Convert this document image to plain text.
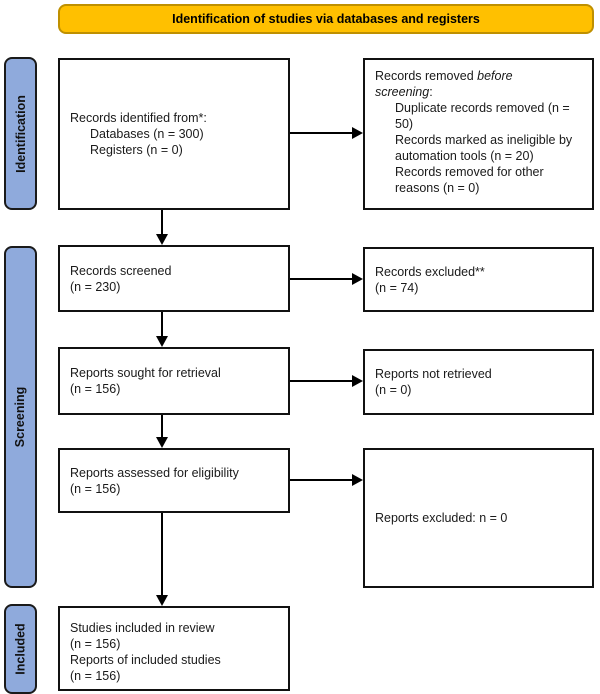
Identification of studies via databases and registers
Identification
Screening
Included
Records identified from*:
Databases (n = 300)
Registers (n = 0)
Records removed before screening:
Duplicate records removed (n = 50)
Records marked as ineligible by automation tools (n = 20)
Records removed for other reasons (n = 0)
Records screened
(n = 230)
Records excluded**
(n = 74)
Reports sought for retrieval
(n = 156)
Reports not retrieved
(n = 0)
Reports assessed for eligibility
(n = 156)
Reports excluded: n = 0
Studies included in review
(n = 156)
Reports of included studies
(n = 156)
